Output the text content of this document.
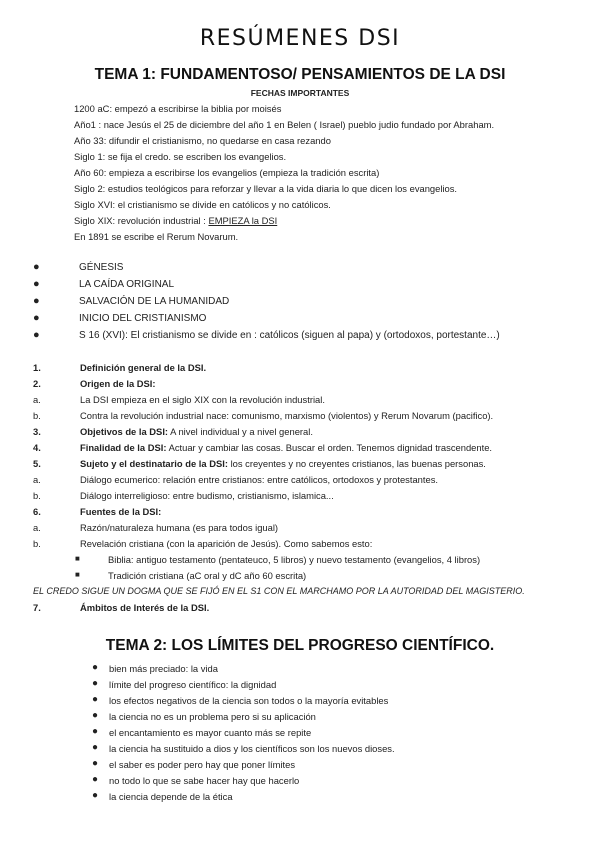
RESÚMENES DSI
TEMA 1: FUNDAMENTOSO/ PENSAMIENTOS DE LA DSI
FECHAS IMPORTANTES
1200 aC: empezó a escribirse la biblia por moisés
Año1 : nace Jesús el 25 de diciembre del año 1 en Belen ( Israel) pueblo judio fundado por Abraham.
Año 33: difundir el cristianismo, no quedarse en casa rezando
Siglo 1: se fija el credo. se escriben los evangelios.
Año 60: empieza a escribirse los evangelios (empieza la tradición escrita)
Siglo 2: estudios teológicos para reforzar y llevar a la vida diaria lo que dicen los evangelios.
Siglo XVI: el cristianismo se divide en católicos y no católicos.
Siglo XIX: revolución industrial : EMPIEZA la DSI
En 1891 se escribe el Rerum Novarum.
●	GÉNESIS
●	LA CAÍDA ORIGINAL
●	SALVACIÓN DE LA HUMANIDAD
●	INICIO DEL CRISTIANISMO
●	S 16 (XVI): El cristianismo se divide en : católicos (siguen al papa) y (ortodoxos, portestante…)
1.	Definición general de la DSI.
2.	Origen de la DSI:
a.	La DSI empieza en el siglo XIX con la revolución industrial.
b.	Contra la revolución industrial nace: comunismo, marxismo (violentos) y Rerum Novarum (pacifico).
3.	Objetivos de la DSI: A nivel individual y a nivel general.
4.	Finalidad de la DSI: Actuar y cambiar las cosas. Buscar el orden. Tenemos dignidad trascendente.
5.	Sujeto y el destinatario de la DSI: los creyentes y no creyentes cristianos, las buenas personas.
a.	Diálogo ecumerico: relación entre cristianos: entre católicos, ortodoxos y protestantes.
b.	Diálogo interreligioso: entre budismo, cristianismo, islamica...
6.	Fuentes de la DSI:
a.	Razón/naturaleza humana (es para todos igual)
b.	Revelación cristiana (con la aparición de Jesús). Como sabemos esto:
■	Biblia: antiguo testamento (pentateuco, 5 libros) y nuevo testamento (evangelios, 4 libros)
■	Tradición cristiana (aC oral y dC año 60 escrita)
EL CREDO SIGUE UN DOGMA QUE SE FIJÓ EN EL S1 CON EL MARCHAMO POR LA AUTORIDAD DEL MAGISTERIO.
7.	Ámbitos de Interés de la DSI.
TEMA 2: LOS LÍMITES DEL PROGRESO CIENTÍFICO.
● bien más preciado: la vida
● límite del progreso científico: la dignidad
● los efectos negativos de la ciencia son todos o la mayoría evitables
● la ciencia no es un problema pero si su aplicación
● el encantamiento es mayor cuanto más se repite
● la ciencia ha sustituido a dios y los científicos son los nuevos dioses.
● el saber es poder pero hay que poner límites
● no todo lo que se sabe hacer hay que hacerlo
● la ciencia depende de la ética
